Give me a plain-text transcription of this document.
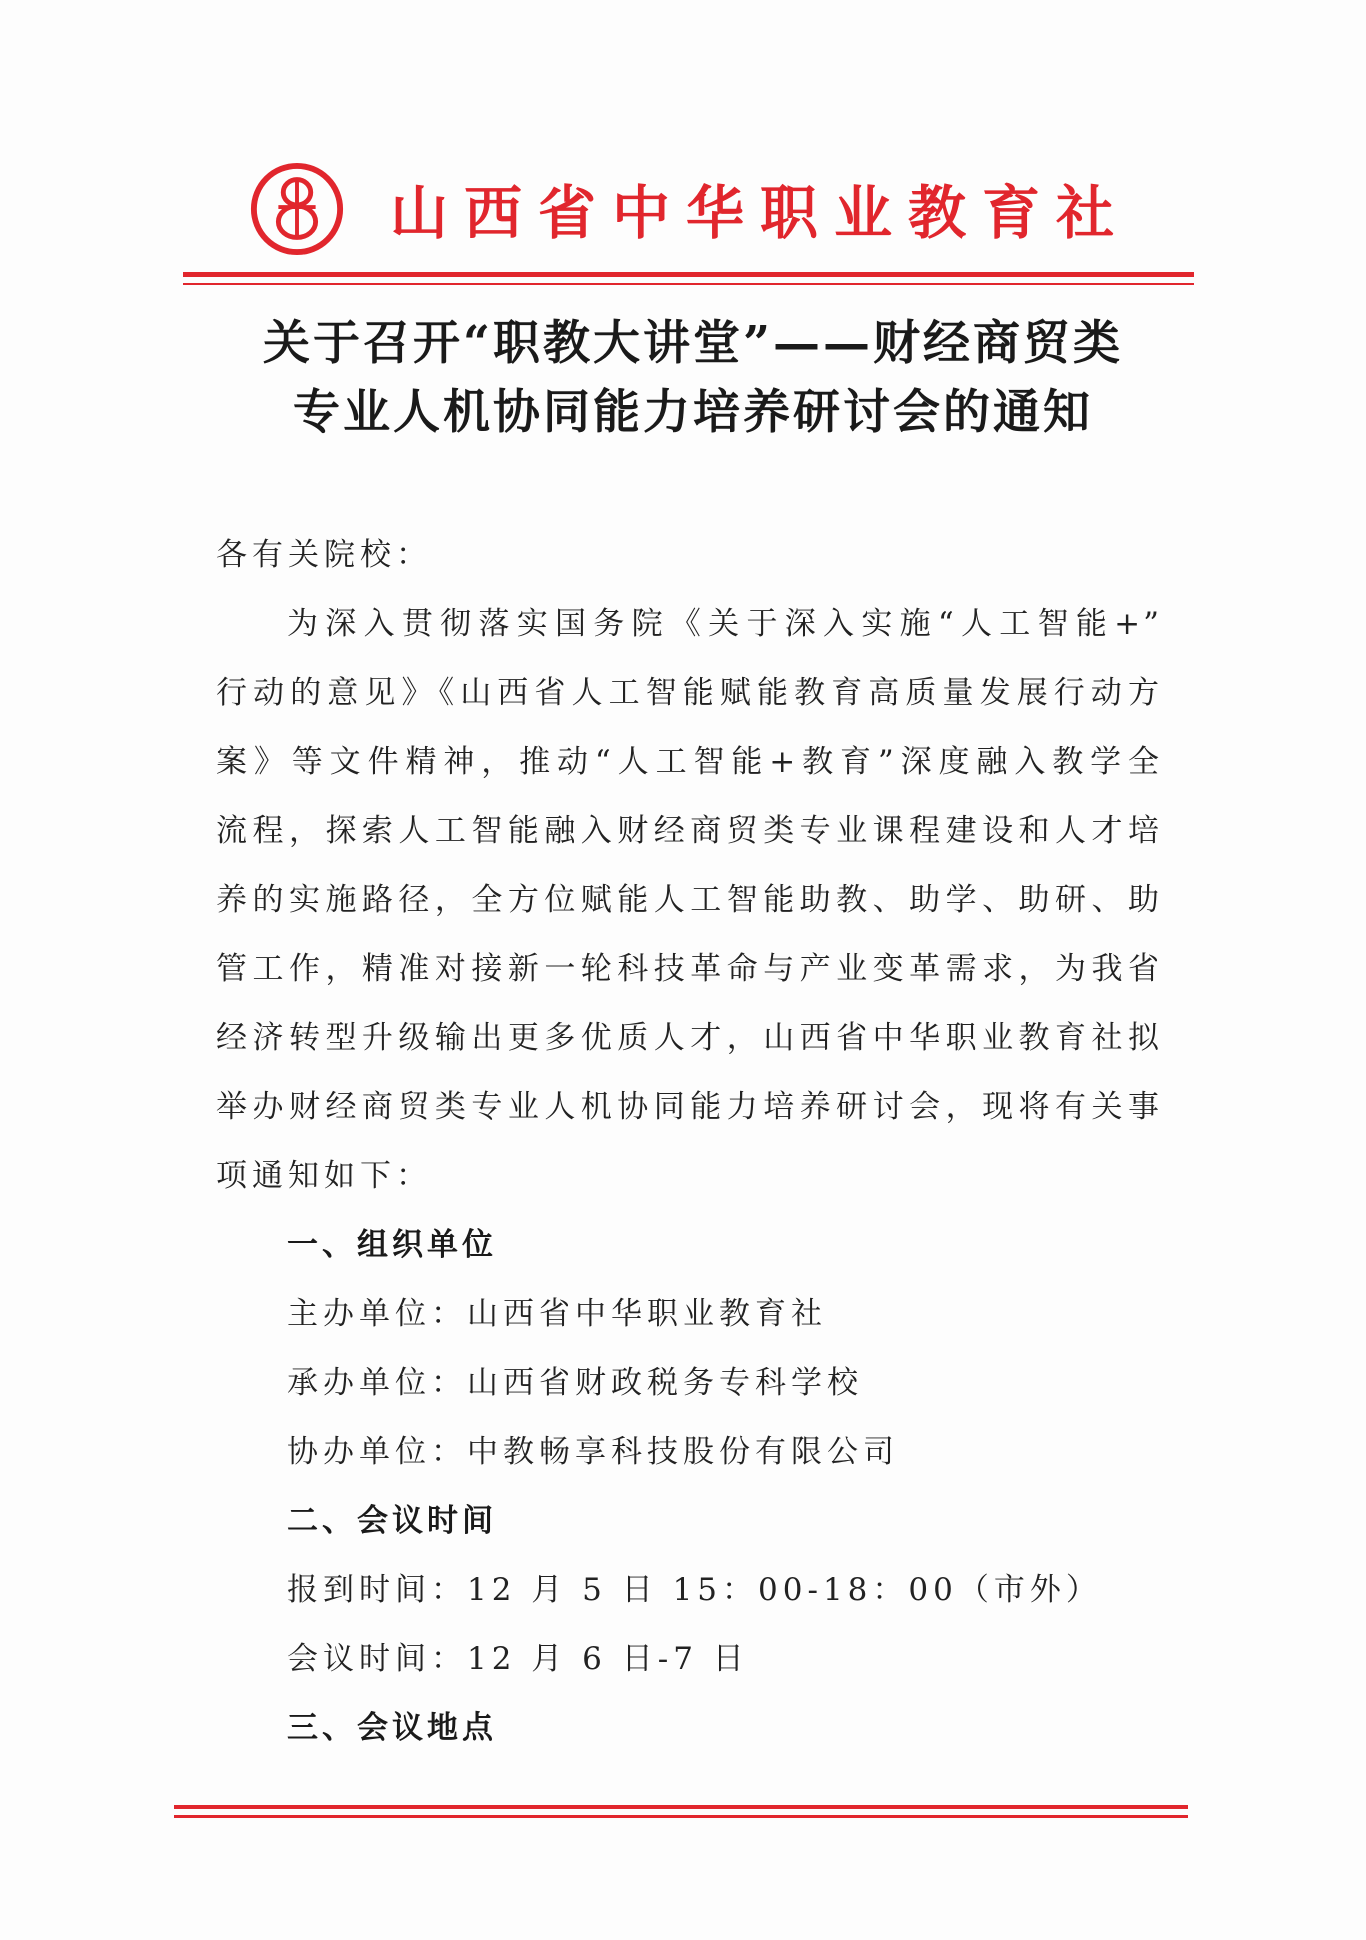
山西省中华职业教育社
关于召开“职教大讲堂”——财经商贸类
专业人机协同能力培养研讨会的通知
各有关院校：
为深入贯彻落实国务院《关于深入实施“人工智能+”
行动的意见》《山西省人工智能赋能教育高质量发展行动方
案》等文件精神，推动“人工智能+教育”深度融入教学全
流程，探索人工智能融入财经商贸类专业课程建设和人才培
养的实施路径，全方位赋能人工智能助教、助学、助研、助
管工作，精准对接新一轮科技革命与产业变革需求，为我省
经济转型升级输出更多优质人才，山西省中华职业教育社拟
举办财经商贸类专业人机协同能力培养研讨会，现将有关事
项通知如下：
一、组织单位
主办单位：山西省中华职业教育社
承办单位：山西省财政税务专科学校
协办单位：中教畅享科技股份有限公司
二、会议时间
报到时间：12 月 5 日 15：00-18：00（市外）
会议时间：12 月 6 日-7 日
三、会议地点
